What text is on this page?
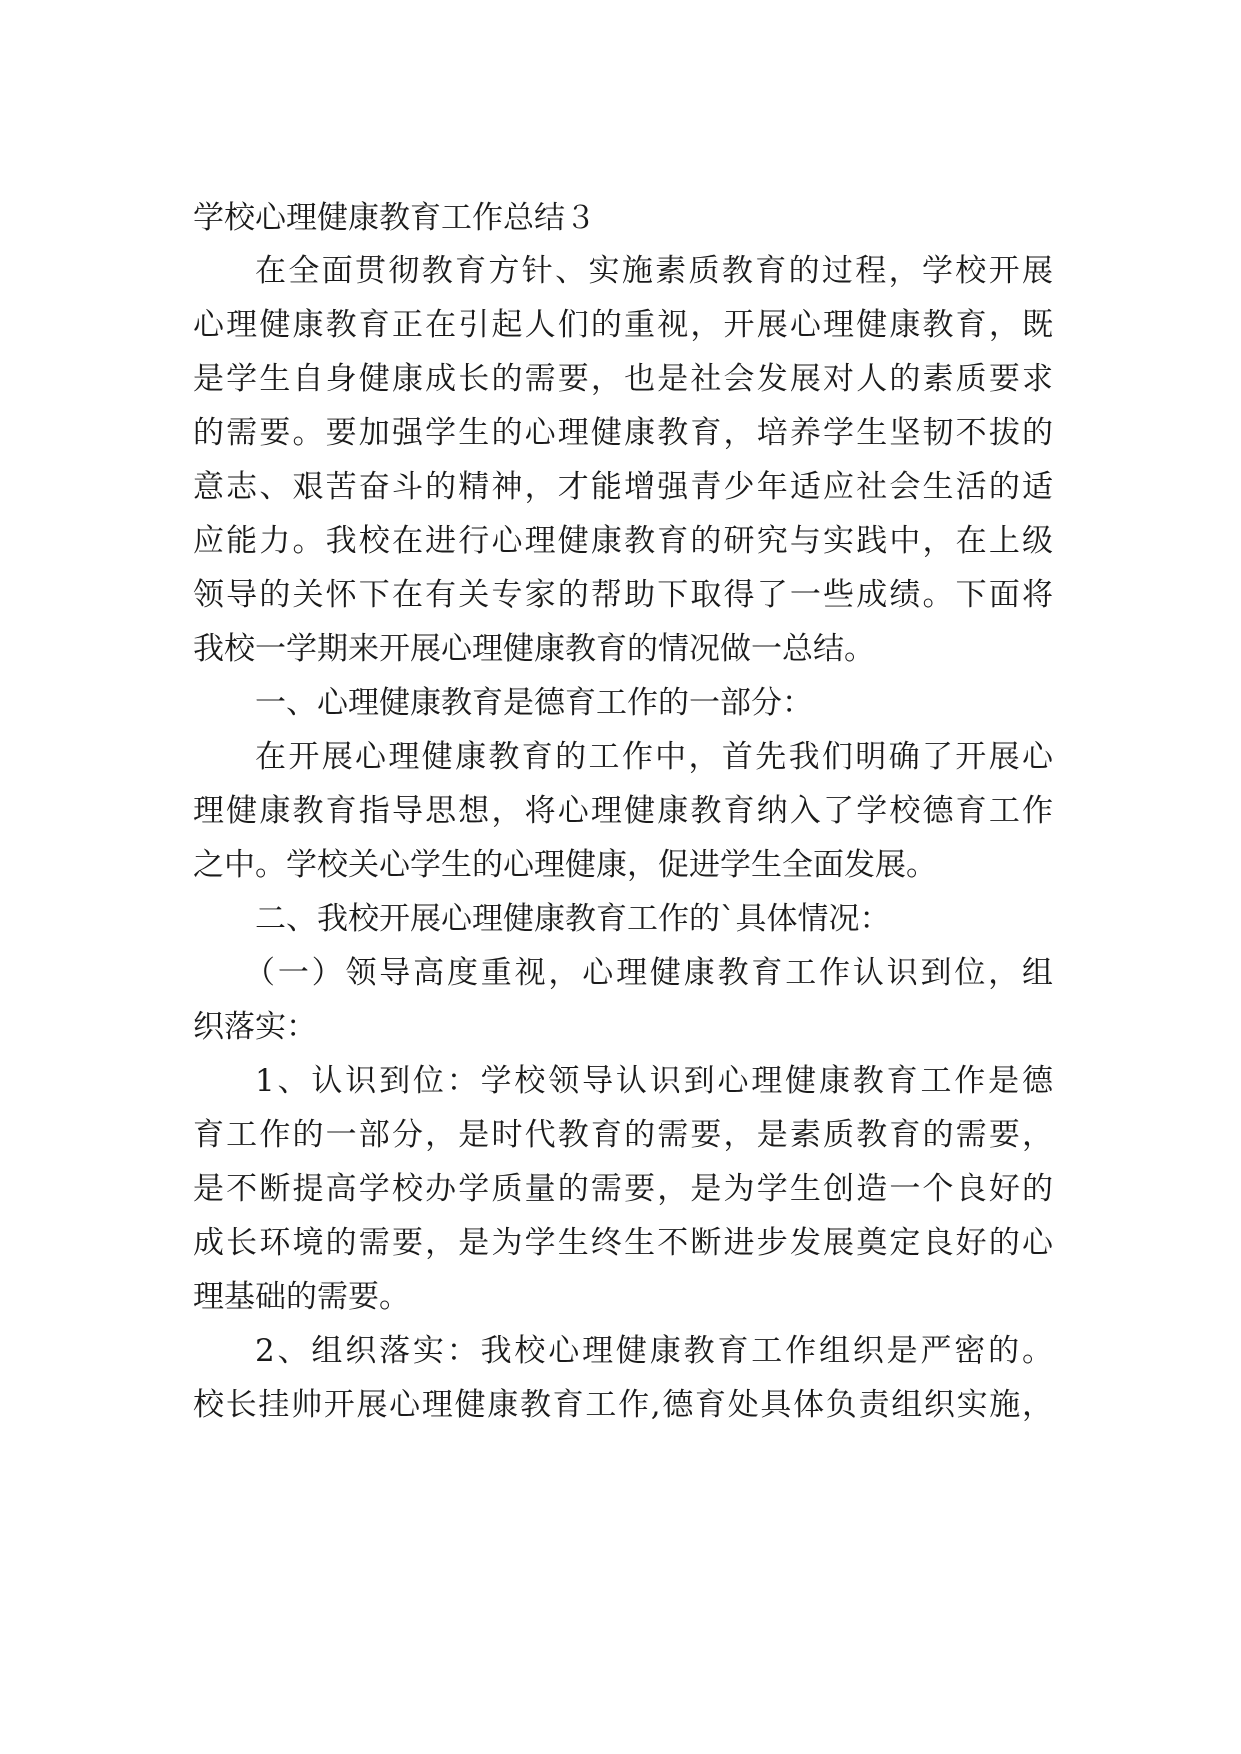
学校心理健康教育工作总结３
在全面贯彻教育方针、实施素质教育的过程，学校开展
心理健康教育正在引起人们的重视，开展心理健康教育，既
是学生自身健康成长的需要，也是社会发展对人的素质要求
的需要。要加强学生的心理健康教育，培养学生坚韧不拔的
意志、艰苦奋斗的精神，才能增强青少年适应社会生活的适
应能力。我校在进行心理健康教育的研究与实践中，在上级
领导的关怀下在有关专家的帮助下取得了一些成绩。下面将
我校一学期来开展心理健康教育的情况做一总结。
一、心理健康教育是德育工作的一部分：
在开展心理健康教育的工作中，首先我们明确了开展心
理健康教育指导思想，将心理健康教育纳入了学校德育工作
之中。学校关心学生的心理健康，促进学生全面发展。
二、我校开展心理健康教育工作的`具体情况：
（一）领导高度重视，心理健康教育工作认识到位，组
织落实：
1、认识到位：学校领导认识到心理健康教育工作是德
育工作的一部分，是时代教育的需要，是素质教育的需要，
是不断提高学校办学质量的需要，是为学生创造一个良好的
成长环境的需要，是为学生终生不断进步发展奠定良好的心
理基础的需要。
2、组织落实：我校心理健康教育工作组织是严密的。
校长挂帅开展心理健康教育工作,德育处具体负责组织实施，
